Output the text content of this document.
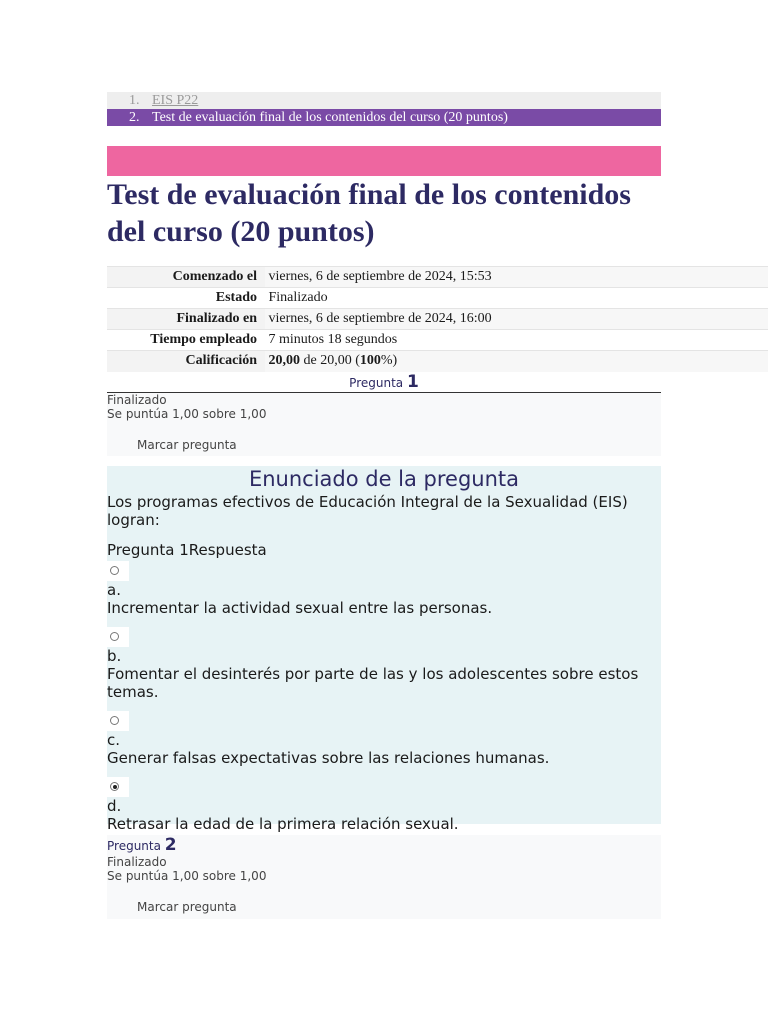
1. EIS P22
2. Test de evaluación final de los contenidos del curso (20 puntos)
Test de evaluación final de los contenidos del curso (20 puntos)
Comenzado el	viernes, 6 de septiembre de 2024, 15:53
Estado	Finalizado
Finalizado en	viernes, 6 de septiembre de 2024, 16:00
Tiempo empleado	7 minutos 18 segundos
Calificación	20,00 de 20,00 (100%)
Pregunta 1
Finalizado
Se puntúa 1,00 sobre 1,00
Marcar pregunta
Enunciado de la pregunta
Los programas efectivos de Educación Integral de la Sexualidad (EIS) logran:
Pregunta 1Respuesta
a.
Incrementar la actividad sexual entre las personas.
b.
Fomentar el desinterés por parte de las y los adolescentes sobre estos temas.
c.
Generar falsas expectativas sobre las relaciones humanas.
d.
Retrasar la edad de la primera relación sexual.
Pregunta 2
Finalizado
Se puntúa 1,00 sobre 1,00
Marcar pregunta
